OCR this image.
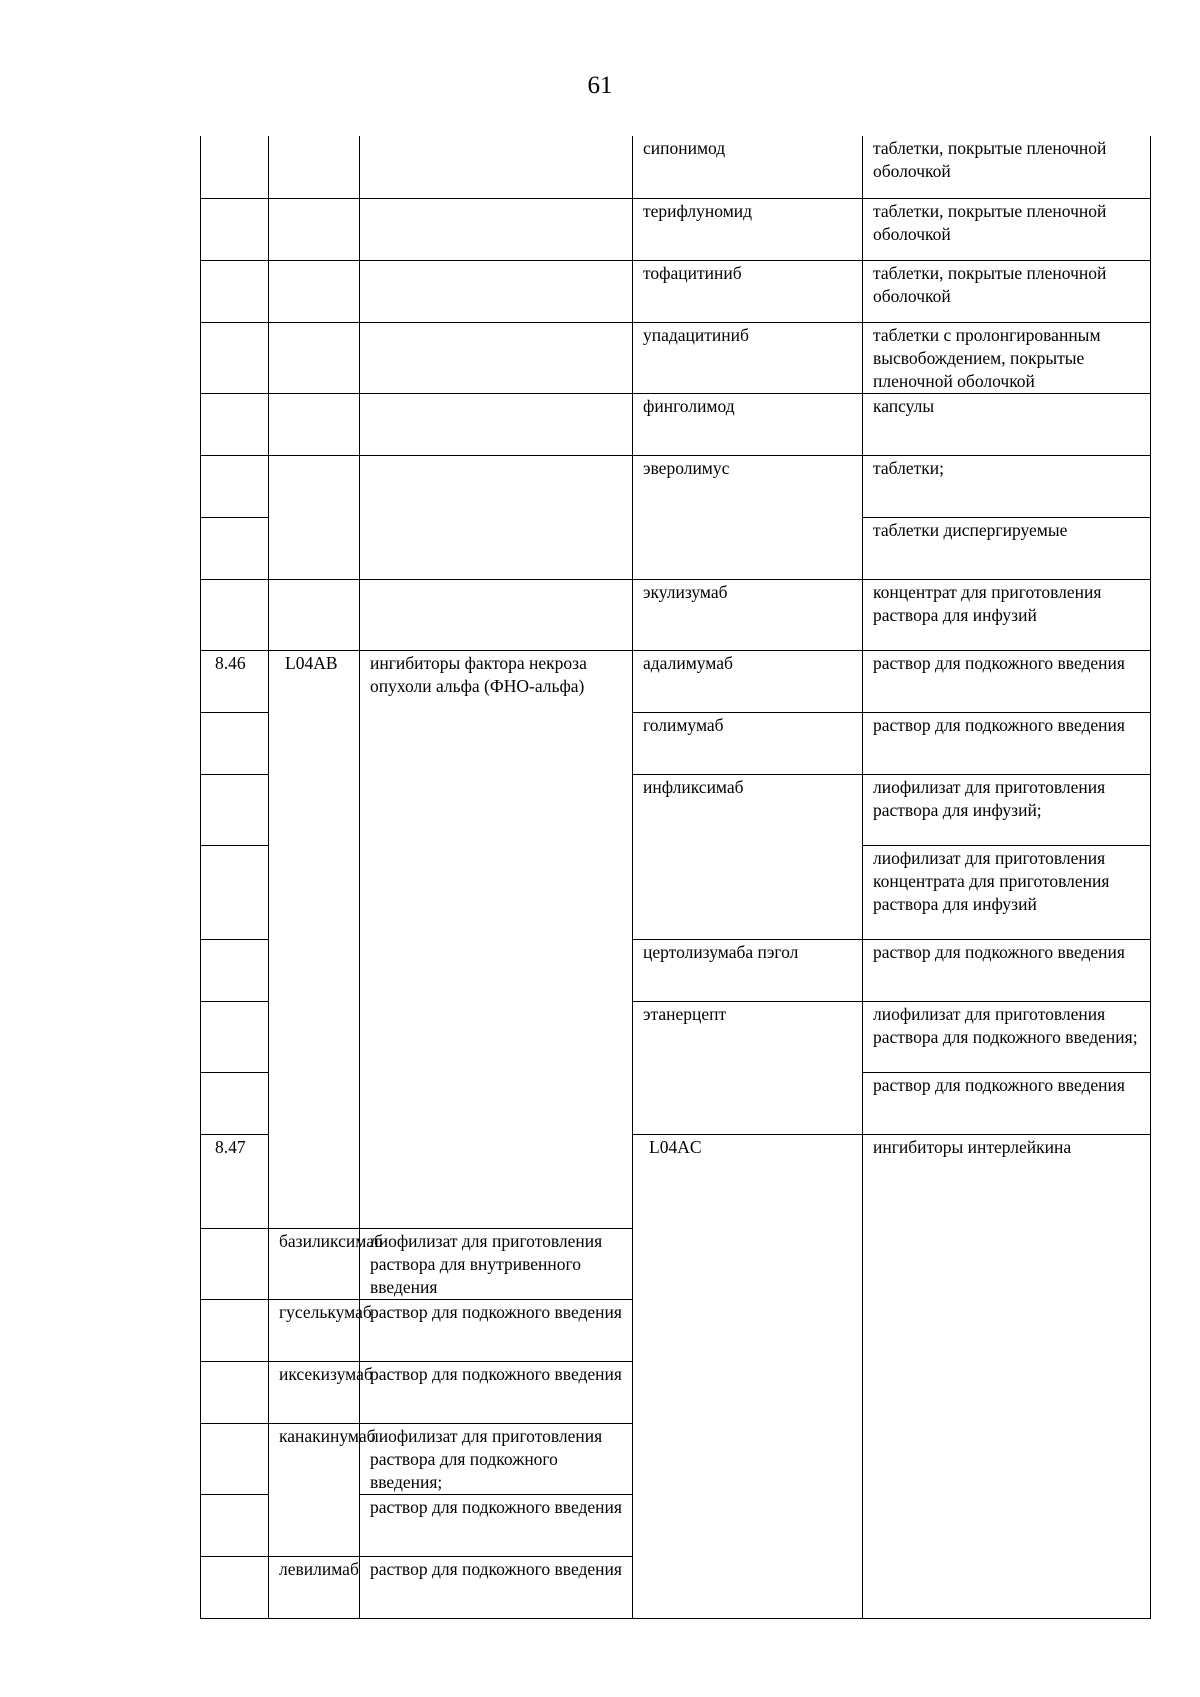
61
			сипонимод	таблетки, покрытые пленочной оболочкой	
			терифлуномид	таблетки, покрытые пленочной оболочкой	
			тофацитиниб	таблетки, покрытые пленочной оболочкой	
			упадацитиниб	таблетки с пролонгированным высвобождением, покрытые пленочной оболочкой	
			финголимод	капсулы	
			эверолимус	таблетки;	
				таблетки диспергируемые	
			экулизумаб	концентрат для приготовления раствора для инфузий	
8.46	L04AB	ингибиторы фактора некроза опухоли альфа (ФНО-альфа)	адалимумаб	раствор для подкожного введения	
			голимумаб	раствор для подкожного введения	
			инфликсимаб	лиофилизат для приготовления раствора для инфузий;	
				лиофилизат для приготовления концентрата для приготовления раствора для инфузий	
			цертолизумаба пэгол	раствор для подкожного введения	
			этанерцепт	лиофилизат для приготовления раствора для подкожного введения;	
				раствор для подкожного введения	
8.47			L04AC	ингибиторы интерлейкина		
	базиликсимаб	лиофилизат для приготовления раствора для внутривенного введения			
	гуселькумаб	раствор для подкожного введения			
	иксекизумаб	раствор для подкожного введения			
	канакинумаб	лиофилизат для приготовления раствора для подкожного введения;			
		раствор для подкожного введения			
	левилимаб	раствор для подкожного введения			
